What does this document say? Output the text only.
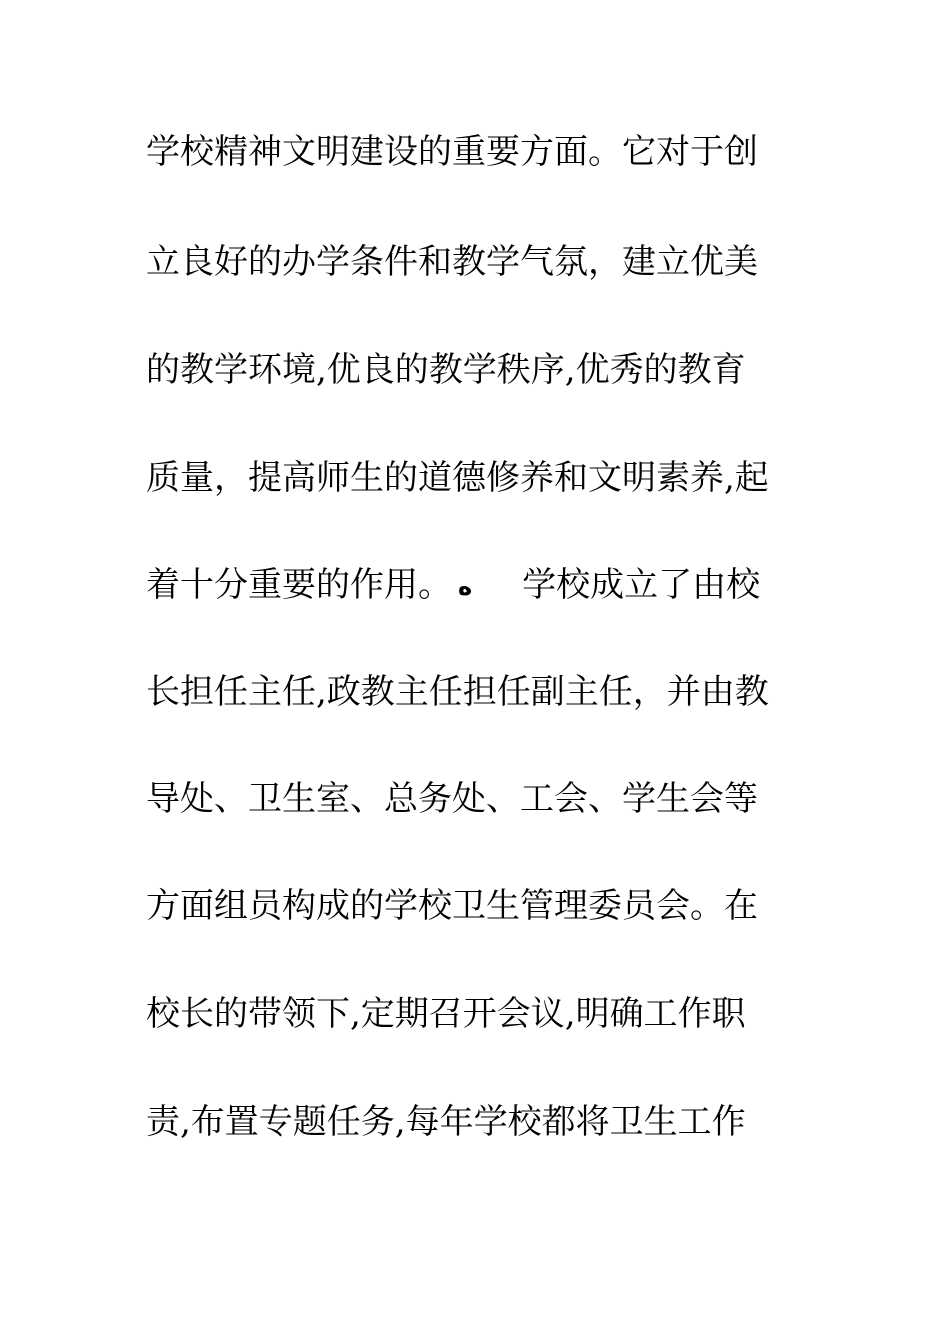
学校精神文明建设的重要方面。它对于创
立良好的办学条件和教学气氛，建立优美
的教学环境,优良的教学秩序,优秀的教育
质量，提高师生的道德修养和文明素养,起
着十分重要的作用。 ه 学校成立了由校
长担任主任,政教主任担任副主任，并由教
导处、卫生室、总务处、工会、学生会等
方面组员构成的学校卫生管理委员会。在
校长的带领下,定期召开会议,明确工作职
责,布置专题任务,每年学校都将卫生工作
